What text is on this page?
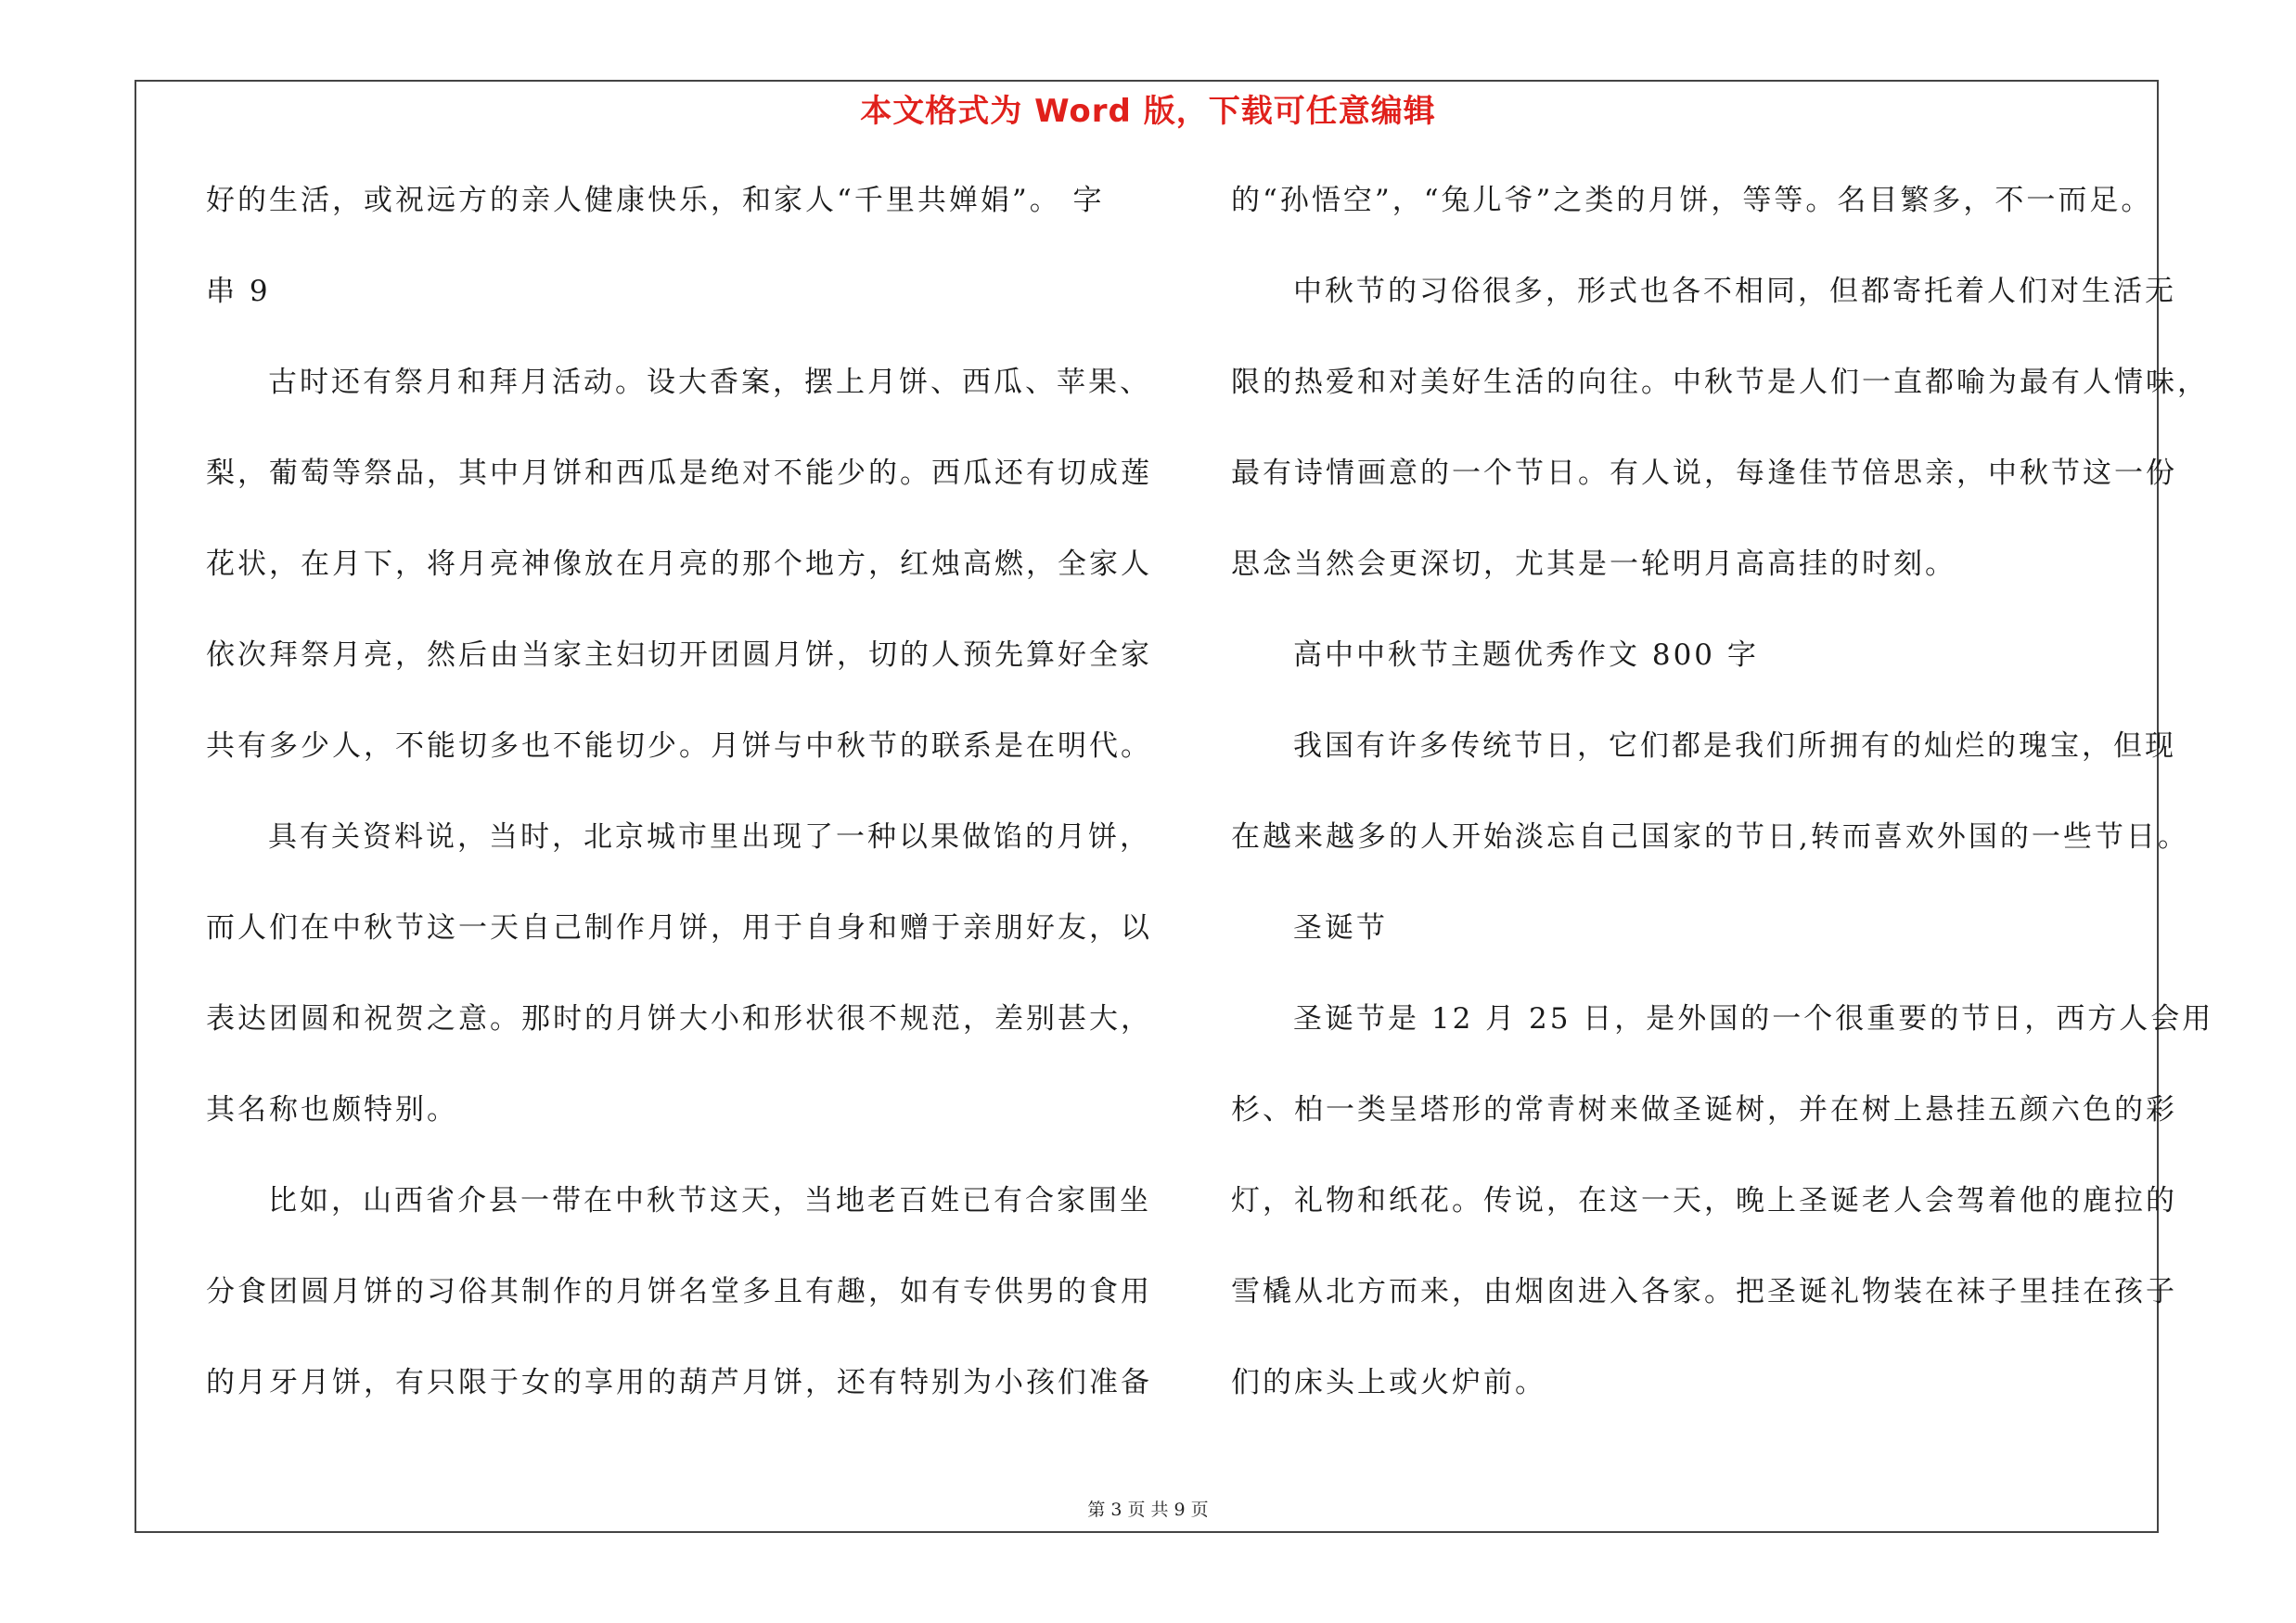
本文格式为 Word 版，下载可任意编辑
好的生活，或祝远方的亲人健康快乐，和家人“千里共婵娟”。 字
串 9
古时还有祭月和拜月活动。设大香案，摆上月饼、西瓜、苹果、
梨，葡萄等祭品，其中月饼和西瓜是绝对不能少的。西瓜还有切成莲
花状，在月下，将月亮神像放在月亮的那个地方，红烛高燃，全家人
依次拜祭月亮，然后由当家主妇切开团圆月饼，切的人预先算好全家
共有多少人，不能切多也不能切少。月饼与中秋节的联系是在明代。
具有关资料说，当时，北京城市里出现了一种以果做馅的月饼，
而人们在中秋节这一天自己制作月饼，用于自身和赠于亲朋好友，以
表达团圆和祝贺之意。那时的月饼大小和形状很不规范，差别甚大，
其名称也颇特别。
比如，山西省介县一带在中秋节这天，当地老百姓已有合家围坐
分食团圆月饼的习俗其制作的月饼名堂多且有趣，如有专供男的食用
的月牙月饼，有只限于女的享用的葫芦月饼，还有特别为小孩们准备
的“孙悟空”，“兔儿爷”之类的月饼，等等。名目繁多，不一而足。
中秋节的习俗很多，形式也各不相同，但都寄托着人们对生活无
限的热爱和对美好生活的向往。中秋节是人们一直都喻为最有人情味，
最有诗情画意的一个节日。有人说，每逢佳节倍思亲，中秋节这一份
思念当然会更深切，尤其是一轮明月高高挂的时刻。
高中中秋节主题优秀作文 800 字
我国有许多传统节日，它们都是我们所拥有的灿烂的瑰宝，但现
在越来越多的人开始淡忘自己国家的节日,转而喜欢外国的一些节日。
圣诞节
圣诞节是 12 月 25 日，是外国的一个很重要的节日，西方人会用
杉、柏一类呈塔形的常青树来做圣诞树，并在树上悬挂五颜六色的彩
灯，礼物和纸花。传说，在这一天，晚上圣诞老人会驾着他的鹿拉的
雪橇从北方而来，由烟囱进入各家。把圣诞礼物装在袜子里挂在孩子
们的床头上或火炉前。
第 3 页 共 9 页
